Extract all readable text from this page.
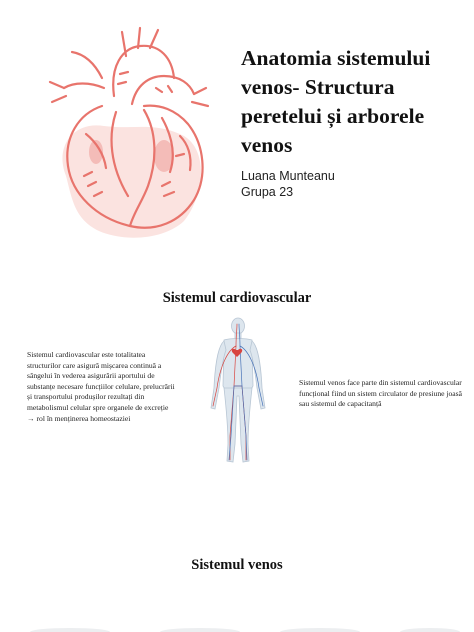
Anatomia sistemului venos- Structura peretelui și arborele venos
Luana Munteanu
Grupa 23
Sistemul cardiovascular
Sistemul cardiovascular este totalitatea structurilor care asigură mișcarea continuă a sângelui în vederea asigurării aportului de substanțe necesare funcțiilor celulare, prelucrării și transportului produșilor rezultați din metabolismul celular spre organele de excreție → rol în menținerea homeostaziei
Sistemul venos face parte din sistemul cardiovascular funcțional fiind un sistem circulator de presiune joasă sau sistemul de capacitanță
Sistemul venos
